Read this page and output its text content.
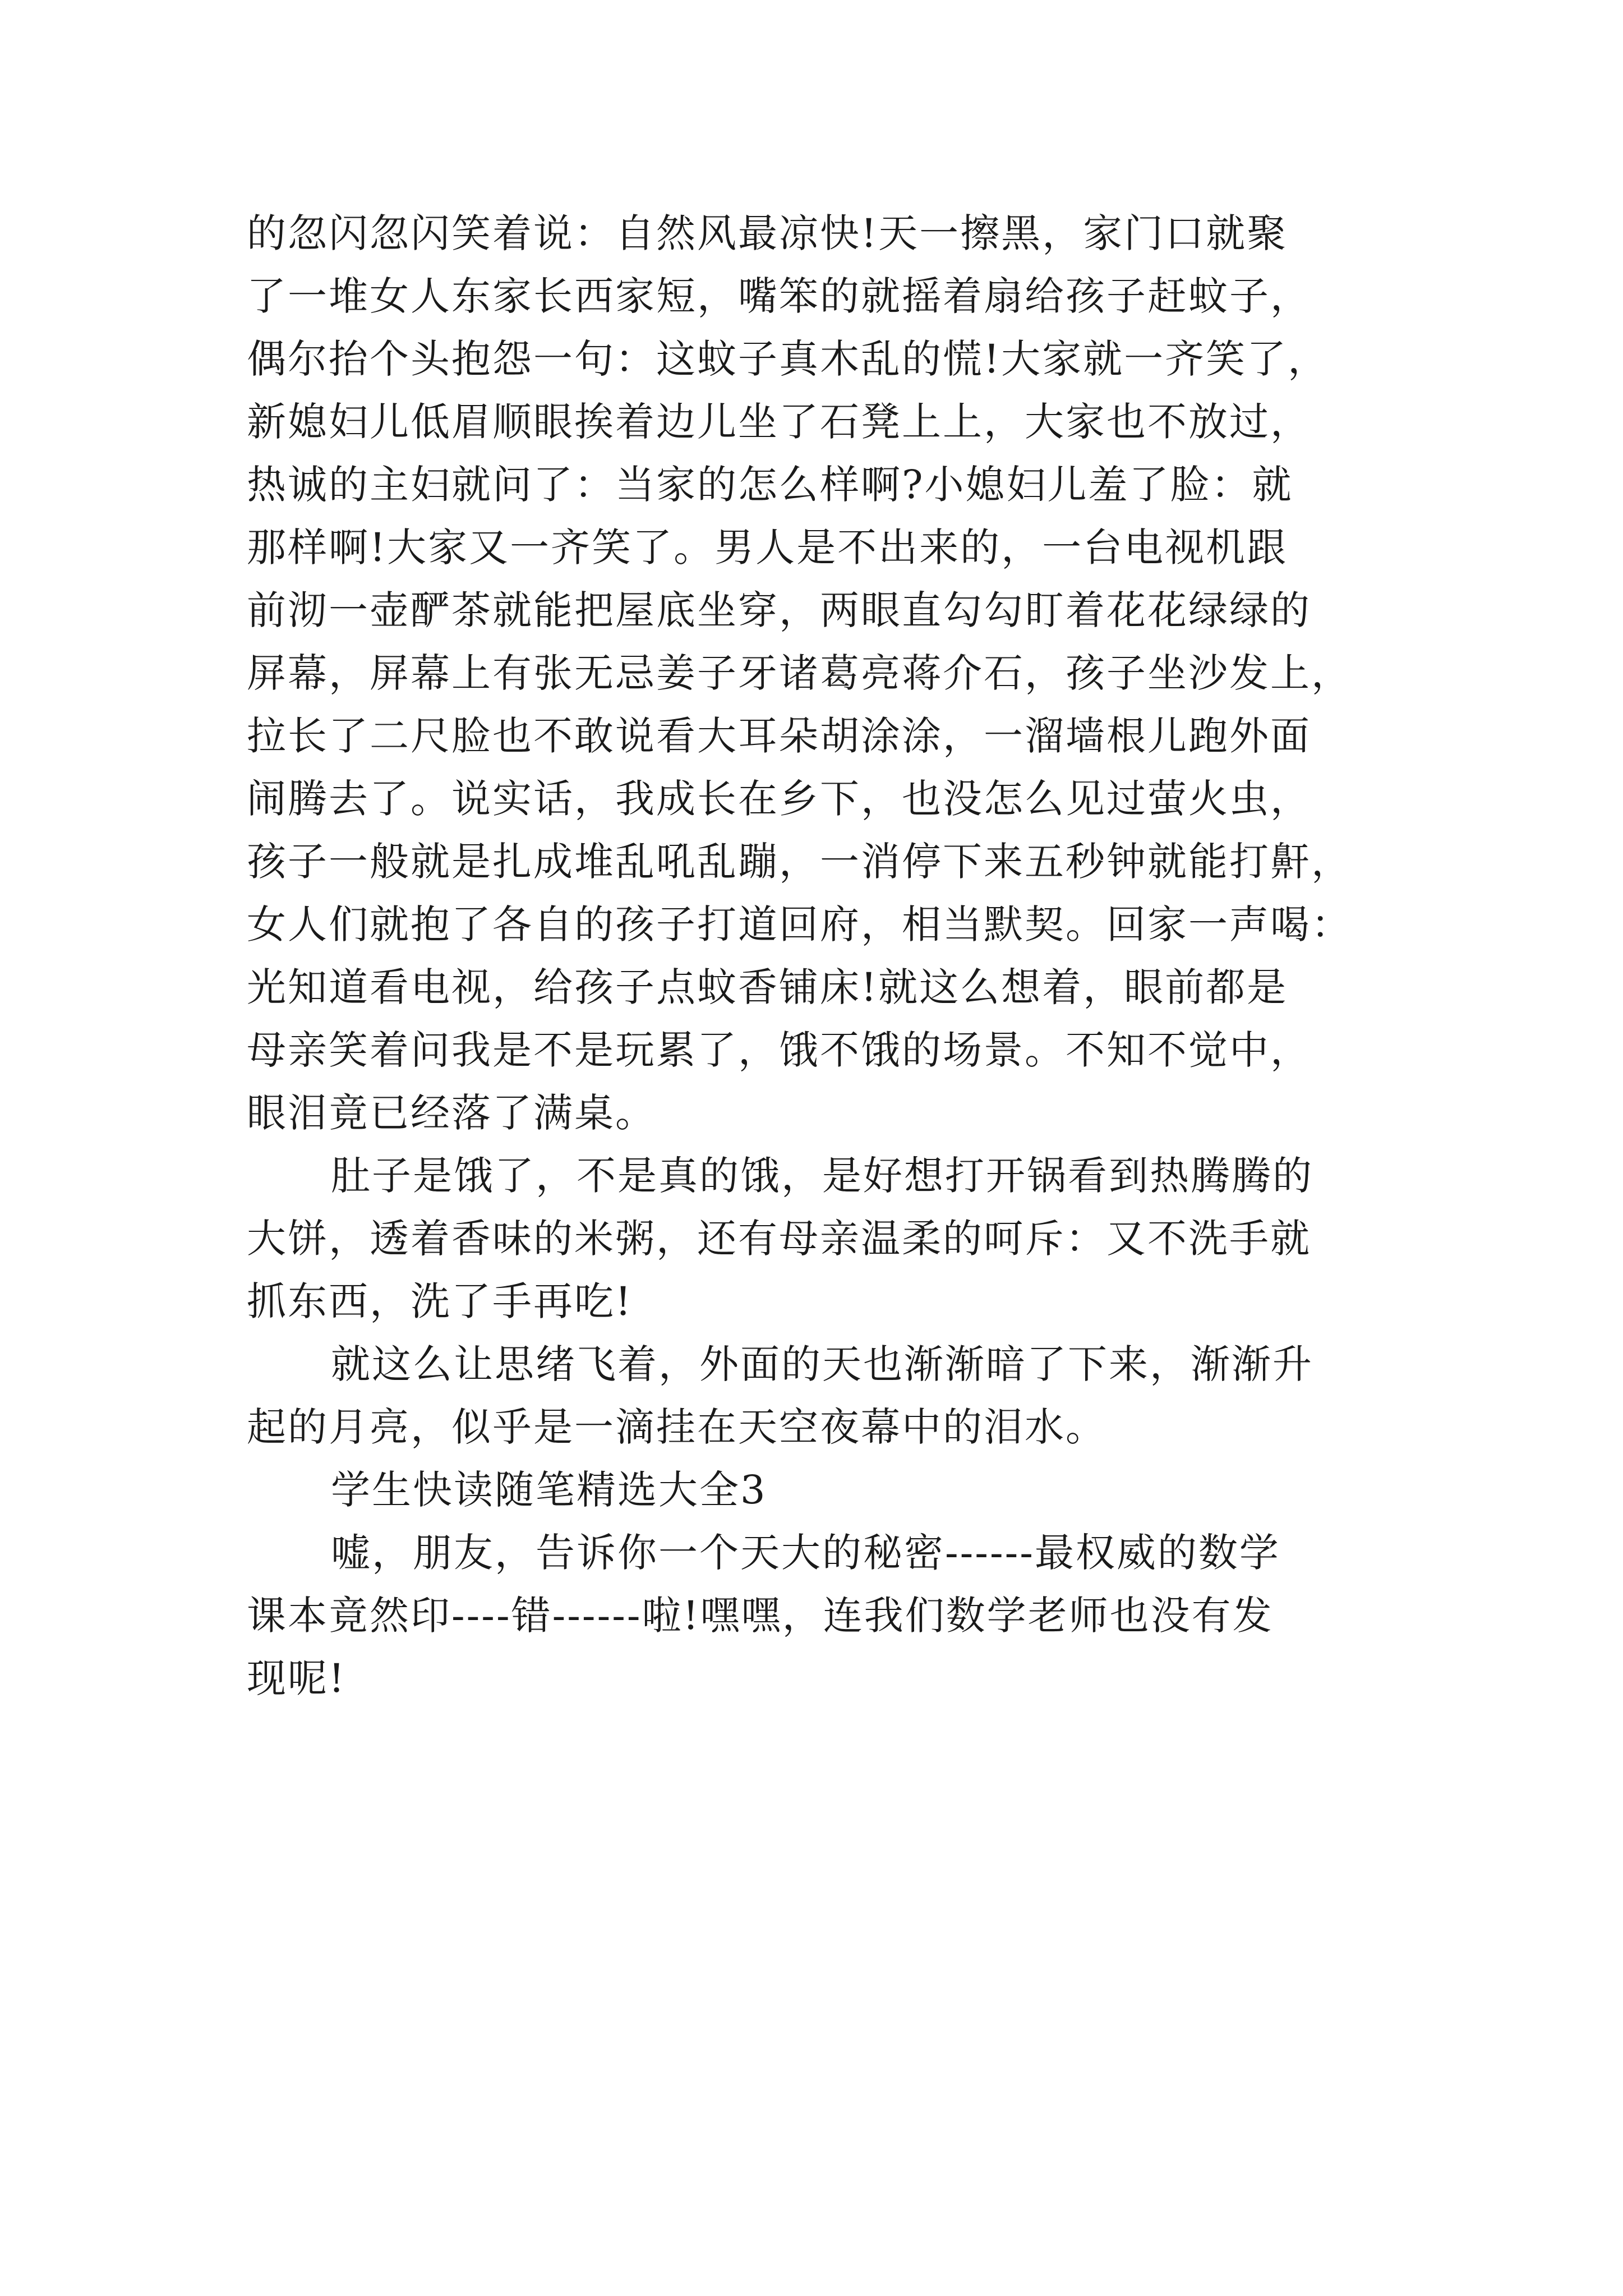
的忽闪忽闪笑着说：自然风最凉快!天一擦黑，家门口就聚
了一堆女人东家长西家短，嘴笨的就摇着扇给孩子赶蚊子，
偶尔抬个头抱怨一句：这蚊子真木乱的慌!大家就一齐笑了，
新媳妇儿低眉顺眼挨着边儿坐了石凳上上，大家也不放过，
热诚的主妇就问了：当家的怎么样啊?小媳妇儿羞了脸：就
那样啊!大家又一齐笑了。男人是不出来的，一台电视机跟
前沏一壶酽茶就能把屋底坐穿，两眼直勾勾盯着花花绿绿的
屏幕，屏幕上有张无忌姜子牙诸葛亮蒋介石，孩子坐沙发上，
拉长了二尺脸也不敢说看大耳朵胡涂涂，一溜墙根儿跑外面
闹腾去了。说实话，我成长在乡下，也没怎么见过萤火虫，
孩子一般就是扎成堆乱吼乱蹦，一消停下来五秒钟就能打鼾，
女人们就抱了各自的孩子打道回府，相当默契。回家一声喝：
光知道看电视，给孩子点蚊香铺床!就这么想着，眼前都是
母亲笑着问我是不是玩累了，饿不饿的场景。不知不觉中，
眼泪竟已经落了满桌。
肚子是饿了，不是真的饿，是好想打开锅看到热腾腾的
大饼，透着香味的米粥，还有母亲温柔的呵斥：又不洗手就
抓东西，洗了手再吃!
就这么让思绪飞着，外面的天也渐渐暗了下来，渐渐升
起的月亮，似乎是一滴挂在天空夜幕中的泪水。
学生快读随笔精选大全3
嘘，朋友，告诉你一个天大的秘密------最权威的数学
课本竟然印----错------啦!嘿嘿，连我们数学老师也没有发
现呢!
